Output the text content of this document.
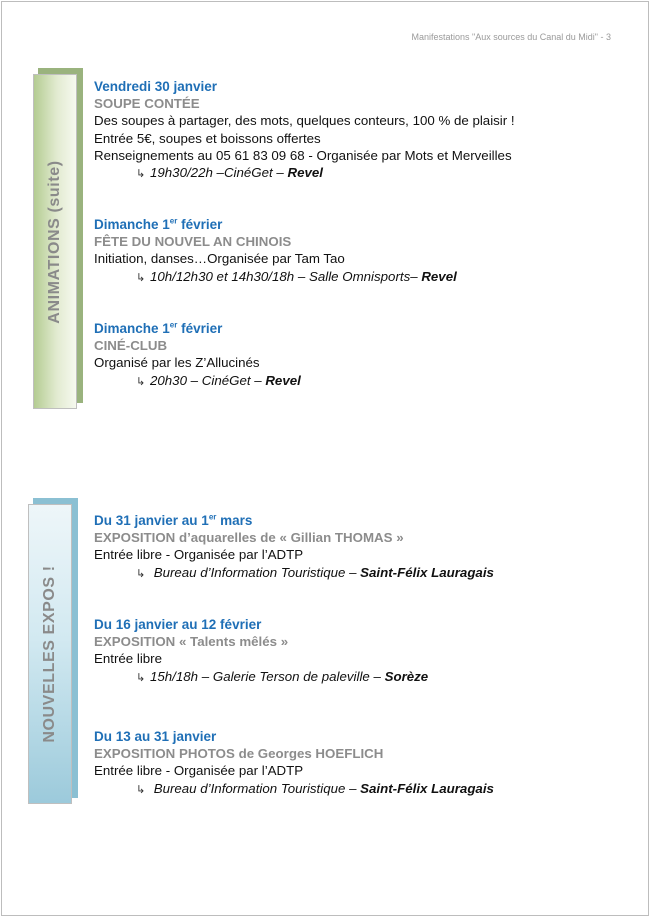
Manifestations "Aux sources du Canal du Midi" - 3
ANIMATIONS (suite)
NOUVELLES EXPOS !
Vendredi 30 janvier
SOUPE CONTÉE
Des soupes à partager, des mots, quelques conteurs, 100 % de plaisir !
Entrée 5€, soupes et boissons offertes
Renseignements au 05 61 83 09 68 - Organisée par Mots et Merveilles
↳ 19h30/22h –CinéGet – Revel
Dimanche 1er février
FÊTE DU NOUVEL AN CHINOIS
Initiation, danses…Organisée par Tam Tao
↳ 10h/12h30 et 14h30/18h – Salle Omnisports– Revel
Dimanche 1er février
CINÉ-CLUB
Organisé par les Z’Allucinés
↳ 20h30 – CinéGet – Revel
Du 31 janvier au 1er mars
EXPOSITION d’aquarelles de « Gillian THOMAS »
Entrée libre - Organisée par l’ADTP
↳ Bureau d’Information Touristique – Saint-Félix Lauragais
Du 16 janvier au 12 février
EXPOSITION « Talents mêlés »
Entrée libre
↳ 15h/18h – Galerie Terson de paleville – Sorèze
Du 13 au 31 janvier
EXPOSITION PHOTOS de Georges HOEFLICH
Entrée libre - Organisée par l’ADTP
↳ Bureau d’Information Touristique – Saint-Félix Lauragais
